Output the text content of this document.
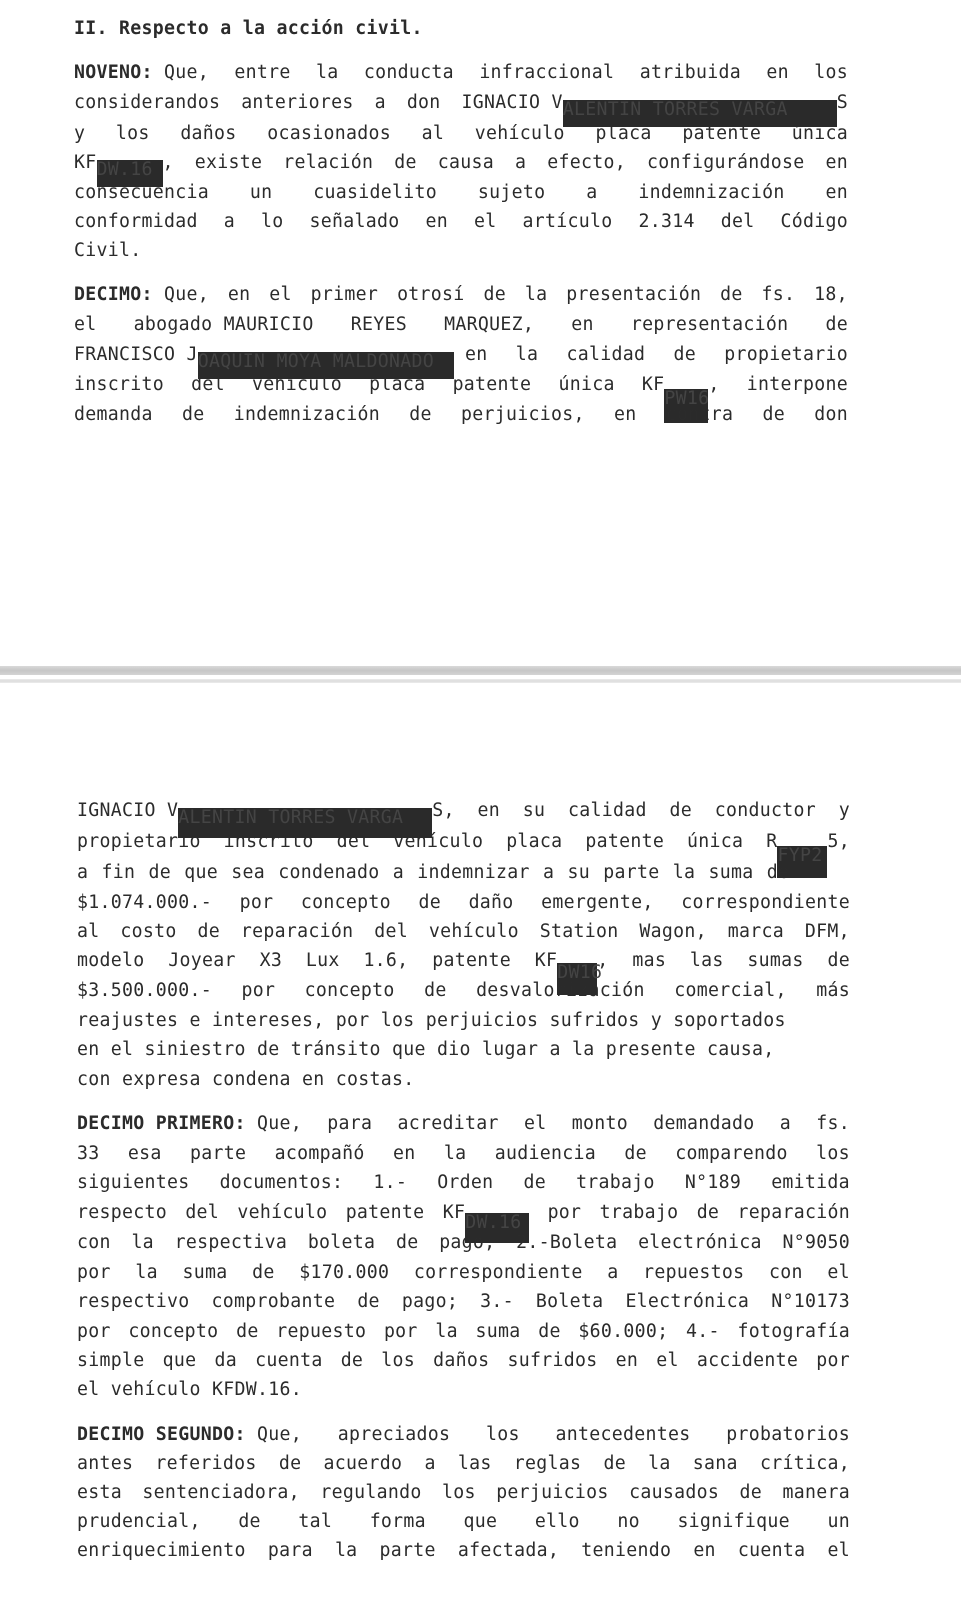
II. Respecto a la acción civil.
NOVENO: Que, entre la conducta infraccional atribuida en los
considerandos anteriores a don IGNACIO VALENTIN TORRES VARGA	S
y los daños ocasionados al vehículo placa patente única
KFDW.16 , existe relación de causa a efecto, configurándose en
consecuencia un cuasidelito sujeto a indemnización en
conformidad a lo señalado en el artículo 2.314 del Código
Civil.
DECIMO: Que, en el primer otrosí de la presentación de fs. 18,
el abogado MAURICIO REYES MARQUEZ, en representación de
FRANCISCO JOAQUIN MOYA MALDONADO en la calidad de propietario
inscrito del vehículo placa patente única KFPW16, interpone
demanda de indemnización de perjuicios, en contra de don
IGNACIO VALENTIN TORRES VARGA S, en su calidad de conductor y
propietario inscrito del vehículo placa patente única RFYP25,
a fin de que sea condenado a indemnizar a su parte la suma de
$1.074.000.- por concepto de daño emergente, correspondiente
al costo de reparación del vehículo Station Wagon, marca DFM,
modelo Joyear X3 Lux 1.6, patente KFDW16, mas las sumas de
$3.500.000.- por concepto de desvalorización comercial, más
reajustes e intereses, por los perjuicios sufridos y soportados
en el siniestro de tránsito que dio lugar a la presente causa,
con expresa condena en costas.
DECIMO PRIMERO: Que, para acreditar el monto demandado a fs.
33 esa parte acompañó en la audiencia de comparendo los
siguientes documentos: 1.- Orden de trabajo N°189 emitida
respecto del vehículo patente KFDW.16	por trabajo de reparación
con la respectiva boleta de pago; 2.-Boleta electrónica N°9050
por la suma de $170.000 correspondiente a repuestos con el
respectivo comprobante de pago; 3.- Boleta Electrónica N°10173
por concepto de repuesto por la suma de $60.000; 4.- fotografía
simple que da cuenta de los daños sufridos en el accidente por
el vehículo KFDW.16.
DECIMO SEGUNDO: Que, apreciados los antecedentes probatorios
antes referidos de acuerdo a las reglas de la sana crítica,
esta sentenciadora, regulando los perjuicios causados de manera
prudencial, de tal forma que ello no signifique un
enriquecimiento para la parte afectada, teniendo en cuenta el
